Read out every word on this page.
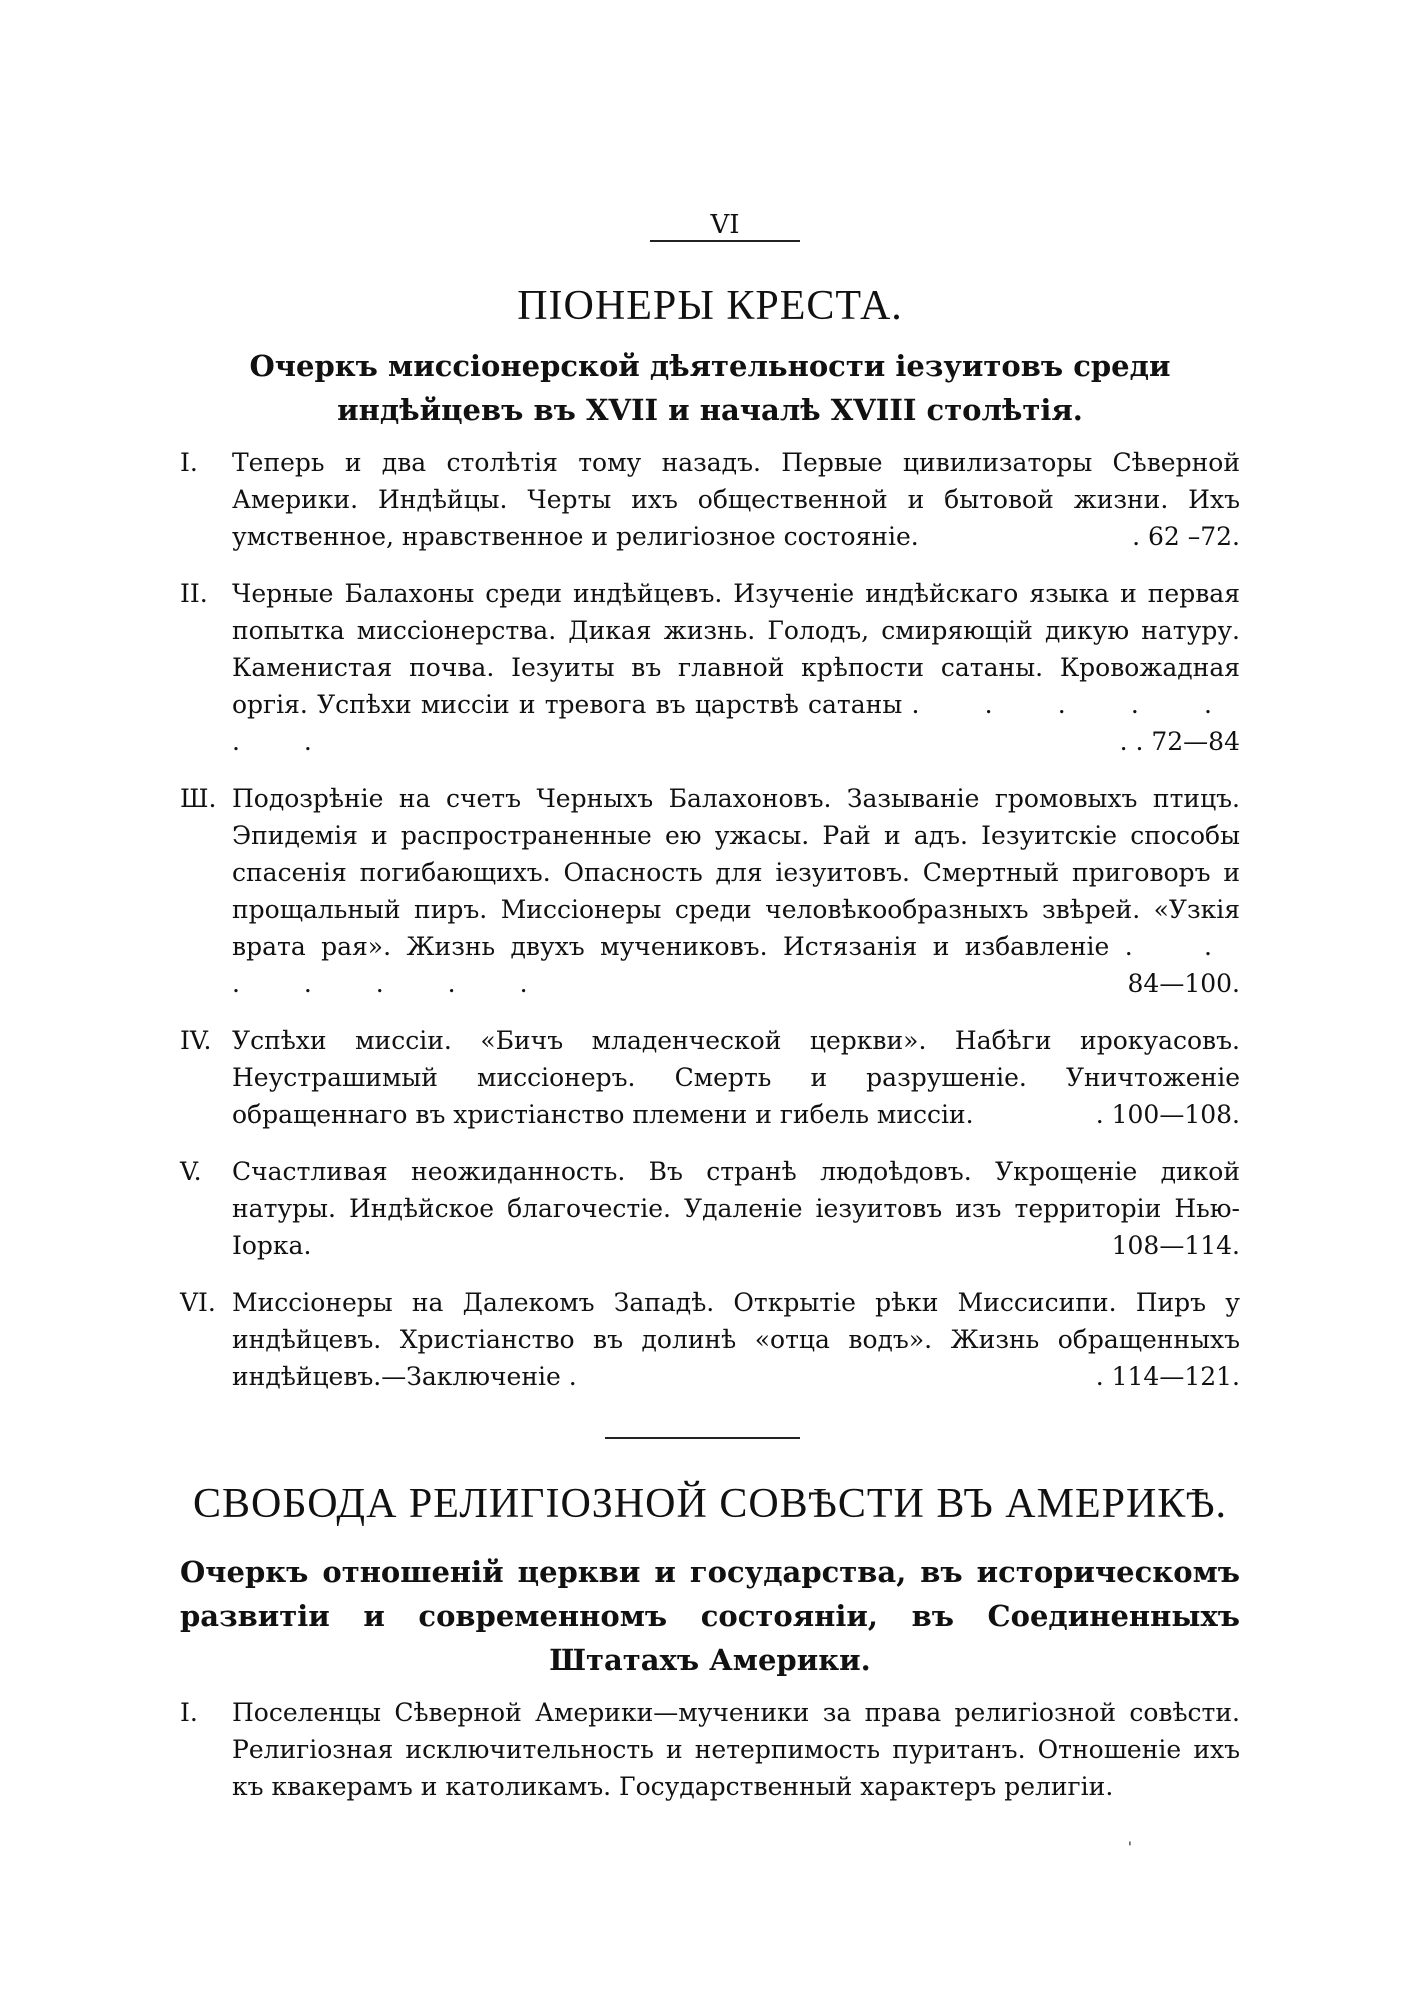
VI
ПІОНЕРЫ КРЕСТА.
Очеркъ миссіонерской дѣятельности іезуитовъ среди индѣйцевъ въ XVII и началѣ XVIII столѣтія.
I.	Теперь и два столѣтія тому назадъ. Первые цивилизаторы Сѣверной Америки. Индѣйцы. Черты ихъ общественной и бытовой жизни. Ихъ умственное, нравственное и религіозное состояніе.	. 62 –72.
II. Черные Балахоны среди индѣйцевъ. Изученіе индѣйскаго языка и первая попытка миссіонерства. Дикая жизнь. Голодъ, смиряющій дикую натуру. Каменистая почва. Іезуиты въ главной крѣпости сатаны. Кровожадная оргія. Успѣхи миссіи и тревога въ царствѣ сатаны . . . . . . .	. . 72—84
Ш. Подозрѣніе на счетъ Черныхъ Балахоновъ. Зазываніе громовыхъ птицъ. Эпидемія и распространенные ею ужасы. Рай и адъ. Іезуитскіе способы спасенія погибающихъ. Опасность для іезуитовъ. Смертный приговоръ и прощальный пиръ. Миссіонеры среди человѣкообразныхъ звѣрей. «Узкія врата рая». Жизнь двухъ мучениковъ. Истязанія и избавленіе . . . . . . .	84—100.
IV. Успѣхи миссіи. «Бичъ младенческой церкви». Набѣги ирокуасовъ. Неустрашимый миссіонеръ. Смерть и разрушеніе. Уничтоженіе обращеннаго въ христіанство племени и гибель миссіи.	. 100—108.
V.	Счастливая неожиданность. Въ странѣ людоѣдовъ. Укрощеніе дикой натуры. Индѣйское благочестіе. Удаленіе іезуитовъ изъ территоріи Нью-Іорка.	108—114.
VI. Миссіонеры на Далекомъ Западѣ. Открытіе рѣки Миссисипи. Пиръ у индѣйцевъ. Христіанство въ долинѣ «отца водъ». Жизнь обращенныхъ индѣйцевъ.—Заключеніе .	. 114—121.
СВОБОДА РЕЛИГІОЗНОЙ СОВѢСТИ ВЪ АМЕРИКѢ.
Очеркъ отношеній церкви и государства, въ историческомъ развитіи и современномъ состояніи, въ Соединенныхъ Штатахъ Америки.
I.	Поселенцы Сѣверной Америки—мученики за права религіозной совѣсти. Религіозная исключительность и нетерпимость пуританъ. Отношеніе ихъ къ квакерамъ и католикамъ. Государственный характеръ религіи.
'
